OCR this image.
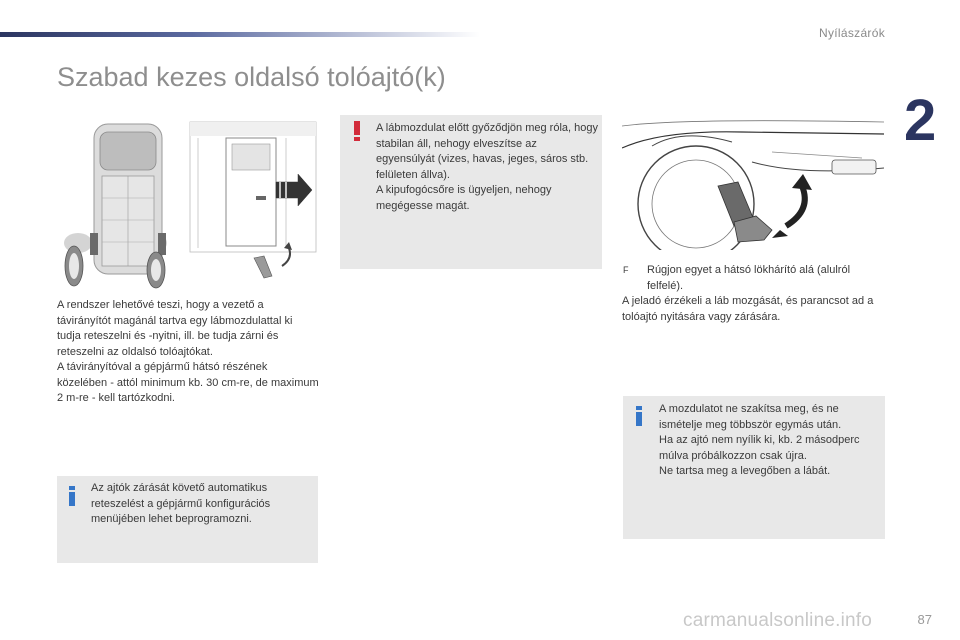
Nyílászárók
2
Szabad kezes oldalsó tolóajtó(k)

A rendszer lehetővé teszi, hogy a vezető a távirányítót magánál tartva egy lábmozdulattal ki tudja reteszelni és -nyitni, ill. be tudja zárni és reteszelni az oldalsó tolóajtókat.

A távirányítóval a gépjármű hátsó részének közelében - attól minimum kb. 30 cm-re, de maximum 2 m-re - kell tartózkodni.

Az ajtók zárását követő automatikus reteszelést a gépjármű konfigurációs menüjében lehet beprogramozni.

A lábmozdulat előtt győződjön meg róla, hogy stabilan áll, nehogy elveszítse az egyensúlyát (vizes, havas, jeges, sáros stb. felületen állva).

A kipufogócsőre is ügyeljen, nehogy megégesse magát.

F	Rúgjon egyet a hátsó lökhárító alá (alulról felfelé).
A jeladó érzékeli a láb mozgását, és parancsot ad a tolóajtó nyitására vagy zárására.

A mozdulatot ne szakítsa meg, és ne ismételje meg többször egymás után.

Ha az ajtó nem nyílik ki, kb. 2 másodperc múlva próbálkozzon csak újra.

Ne tartsa meg a levegőben a lábát.

carmanualsonline.info	87
